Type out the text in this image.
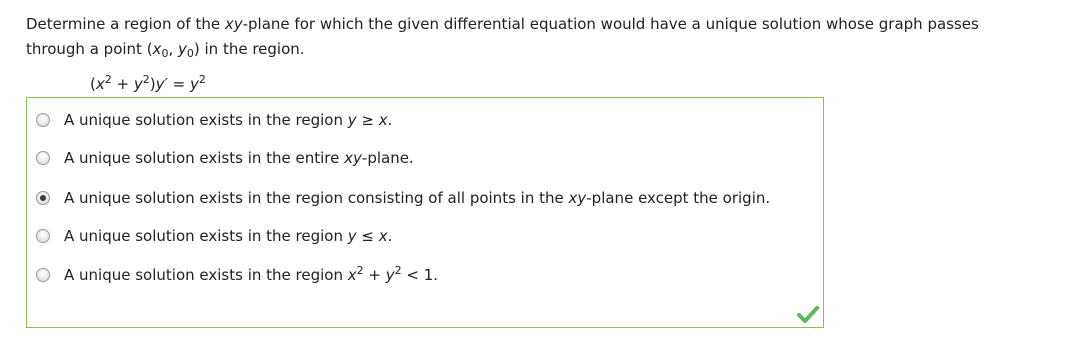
Determine a region of the xy-plane for which the given differential equation would have a unique solution whose graph passes
through a point ($x_0$, $y_0$) in the region.
$(x^2 + y^2)y' = y^2$
A unique solution exists in the region y ≥ x.
A unique solution exists in the entire xy-plane.
A unique solution exists in the region consisting of all points in the xy-plane except the origin.
A unique solution exists in the region y ≤ x.
A unique solution exists in the region $x^2 + y^2 < 1$.
